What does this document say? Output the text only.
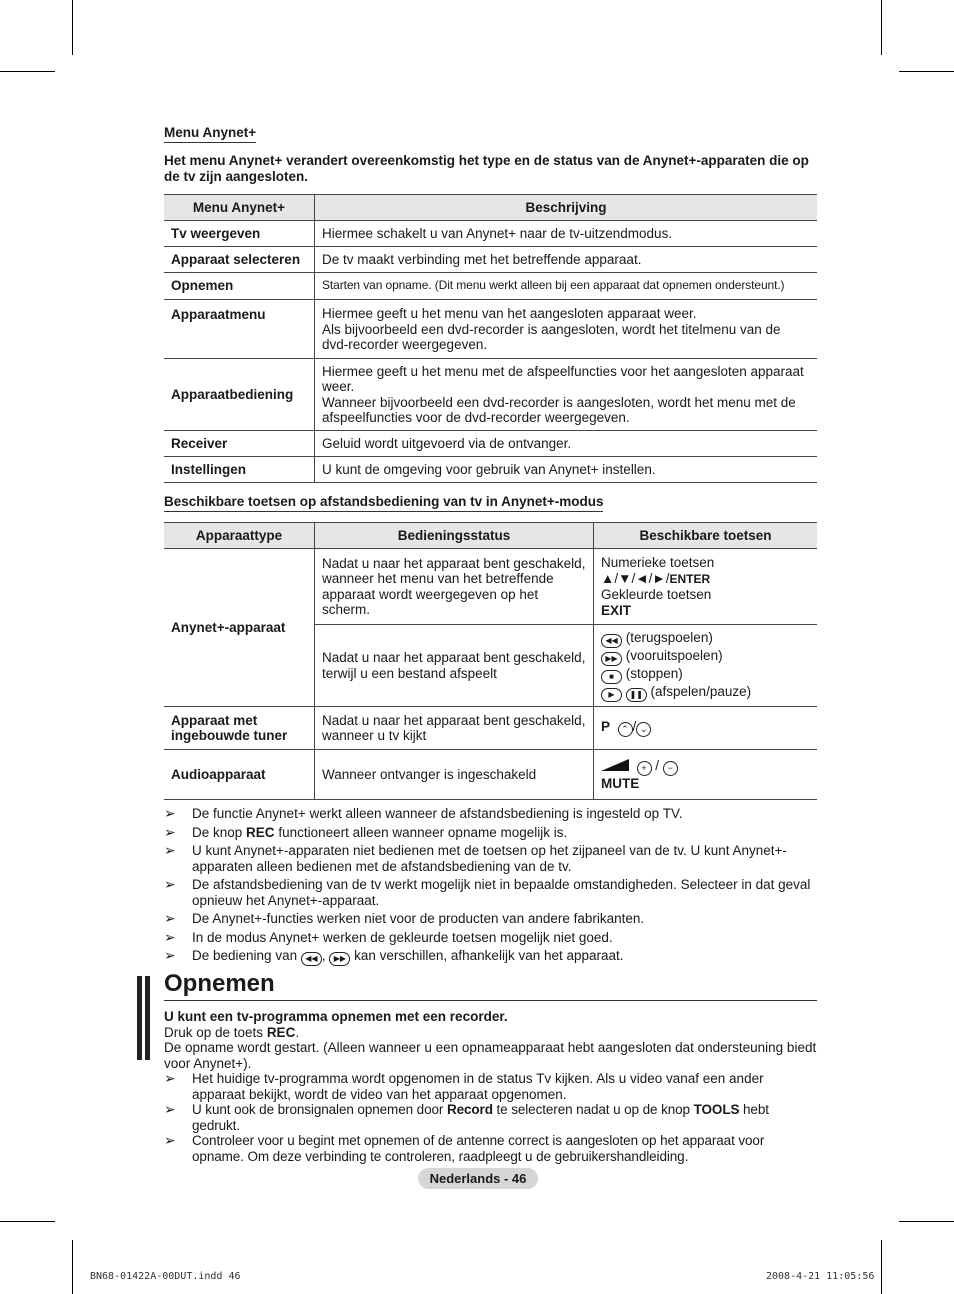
Menu Anynet+
Het menu Anynet+ verandert overeenkomstig het type en de status van de Anynet+-apparaten die op de tv zijn aangesloten.
Menu Anynet+	Beschrijving
Tv weergeven	Hiermee schakelt u van Anynet+ naar de tv-uitzendmodus.
Apparaat selecteren	De tv maakt verbinding met het betreffende apparaat.
Opnemen	Starten van opname. (Dit menu werkt alleen bij een apparaat dat opnemen ondersteunt.)
Apparaatmenu	Hiermee geeft u het menu van het aangesloten apparaat weer.
Als bijvoorbeeld een dvd-recorder is aangesloten, wordt het titelmenu van de dvd-recorder weergegeven.
Apparaatbediening	Hiermee geeft u het menu met de afspeelfuncties voor het aangesloten apparaat weer.
Wanneer bijvoorbeeld een dvd-recorder is aangesloten, wordt het menu met de afspeelfuncties voor de dvd-recorder weergegeven.
Receiver	Geluid wordt uitgevoerd via de ontvanger.
Instellingen	U kunt de omgeving voor gebruik van Anynet+ instellen.
Beschikbare toetsen op afstandsbediening van tv in Anynet+-modus
Apparaattype	Bedieningsstatus	Beschikbare toetsen
Anynet+-apparaat	Nadat u naar het apparaat bent geschakeld, wanneer het menu van het betreffende apparaat wordt weergegeven op het scherm.	Numerieke toetsen
▲/▼/◄/►/ENTER
Gekleurde toetsen
EXIT

	Nadat u naar het apparaat bent geschakeld, terwijl u een bestand afspeelt	◀◀ (terugspoelen)
▶▶ (vooruitspoelen)
■ (stoppen)
▶ ❚❚ (afspelen/pauze)

Apparaat met ingebouwde tuner	Nadat u naar het apparaat bent geschakeld, wanneer u tv kijkt	P ⌃ / ⌄
Audioapparaat	Wanneer ontvanger is ingeschakeld	+ / −
MUTE
➢ De functie Anynet+ werkt alleen wanneer de afstandsbediening is ingesteld op TV.
➢ De knop REC functioneert alleen wanneer opname mogelijk is.
➢ U kunt Anynet+-apparaten niet bedienen met de toetsen op het zijpaneel van de tv. U kunt Anynet+-apparaten alleen bedienen met de afstandsbediening van de tv.
➢ De afstandsbediening van de tv werkt mogelijk niet in bepaalde omstandigheden. Selecteer in dat geval opnieuw het Anynet+-apparaat.
➢ De Anynet+-functies werken niet voor de producten van andere fabrikanten.
➢ In de modus Anynet+ werken de gekleurde toetsen mogelijk niet goed.
➢ De bediening van ◀◀ , ▶▶ kan verschillen, afhankelijk van het apparaat.
Opnemen
U kunt een tv-programma opnemen met een recorder.
Druk op de toets REC.
De opname wordt gestart. (Alleen wanneer u een opnameapparaat hebt aangesloten dat ondersteuning biedt voor Anynet+).
➢ Het huidige tv-programma wordt opgenomen in de status Tv kijken. Als u video vanaf een ander apparaat bekijkt, wordt de video van het apparaat opgenomen.
➢ U kunt ook de bronsignalen opnemen door Record te selecteren nadat u op de knop TOOLS hebt gedrukt.
➢ Controleer voor u begint met opnemen of de antenne correct is aangesloten op het apparaat voor opname. Om deze verbinding te controleren, raadpleegt u de gebruikershandleiding.
Nederlands - 46
BN68-01422A-00DUT.indd 46	2008-4-21 11:05:56
